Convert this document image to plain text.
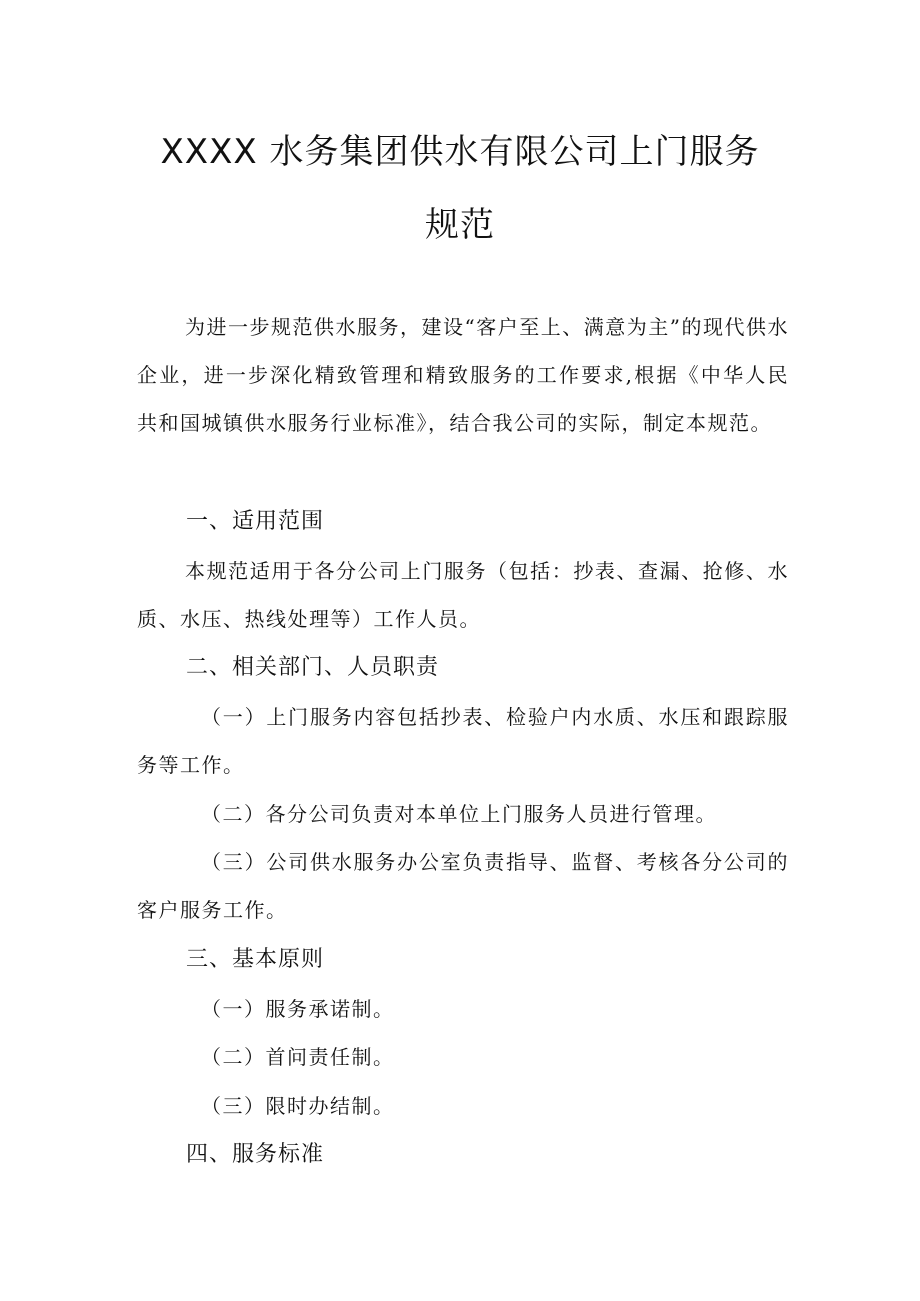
XXXX 水务集团供水有限公司上门服务
规范

为进一步规范供水服务，建设“客户至上、满意为主”的现代供水企业，进一步深化精致管理和精致服务的工作要求,根据《中华人民共和国城镇供水服务行业标准》，结合我公司的实际，制定本规范。

一、适用范围

本规范适用于各分公司上门服务（包括：抄表、查漏、抢修、水质、水压、热线处理等）工作人员。

二、相关部门、人员职责

（一）上门服务内容包括抄表、检验户内水质、水压和跟踪服务等工作。

（二）各分公司负责对本单位上门服务人员进行管理。

（三）公司供水服务办公室负责指导、监督、考核各分公司的客户服务工作。

三、基本原则

（一）服务承诺制。

（二）首问责任制。

（三）限时办结制。

四、服务标准
